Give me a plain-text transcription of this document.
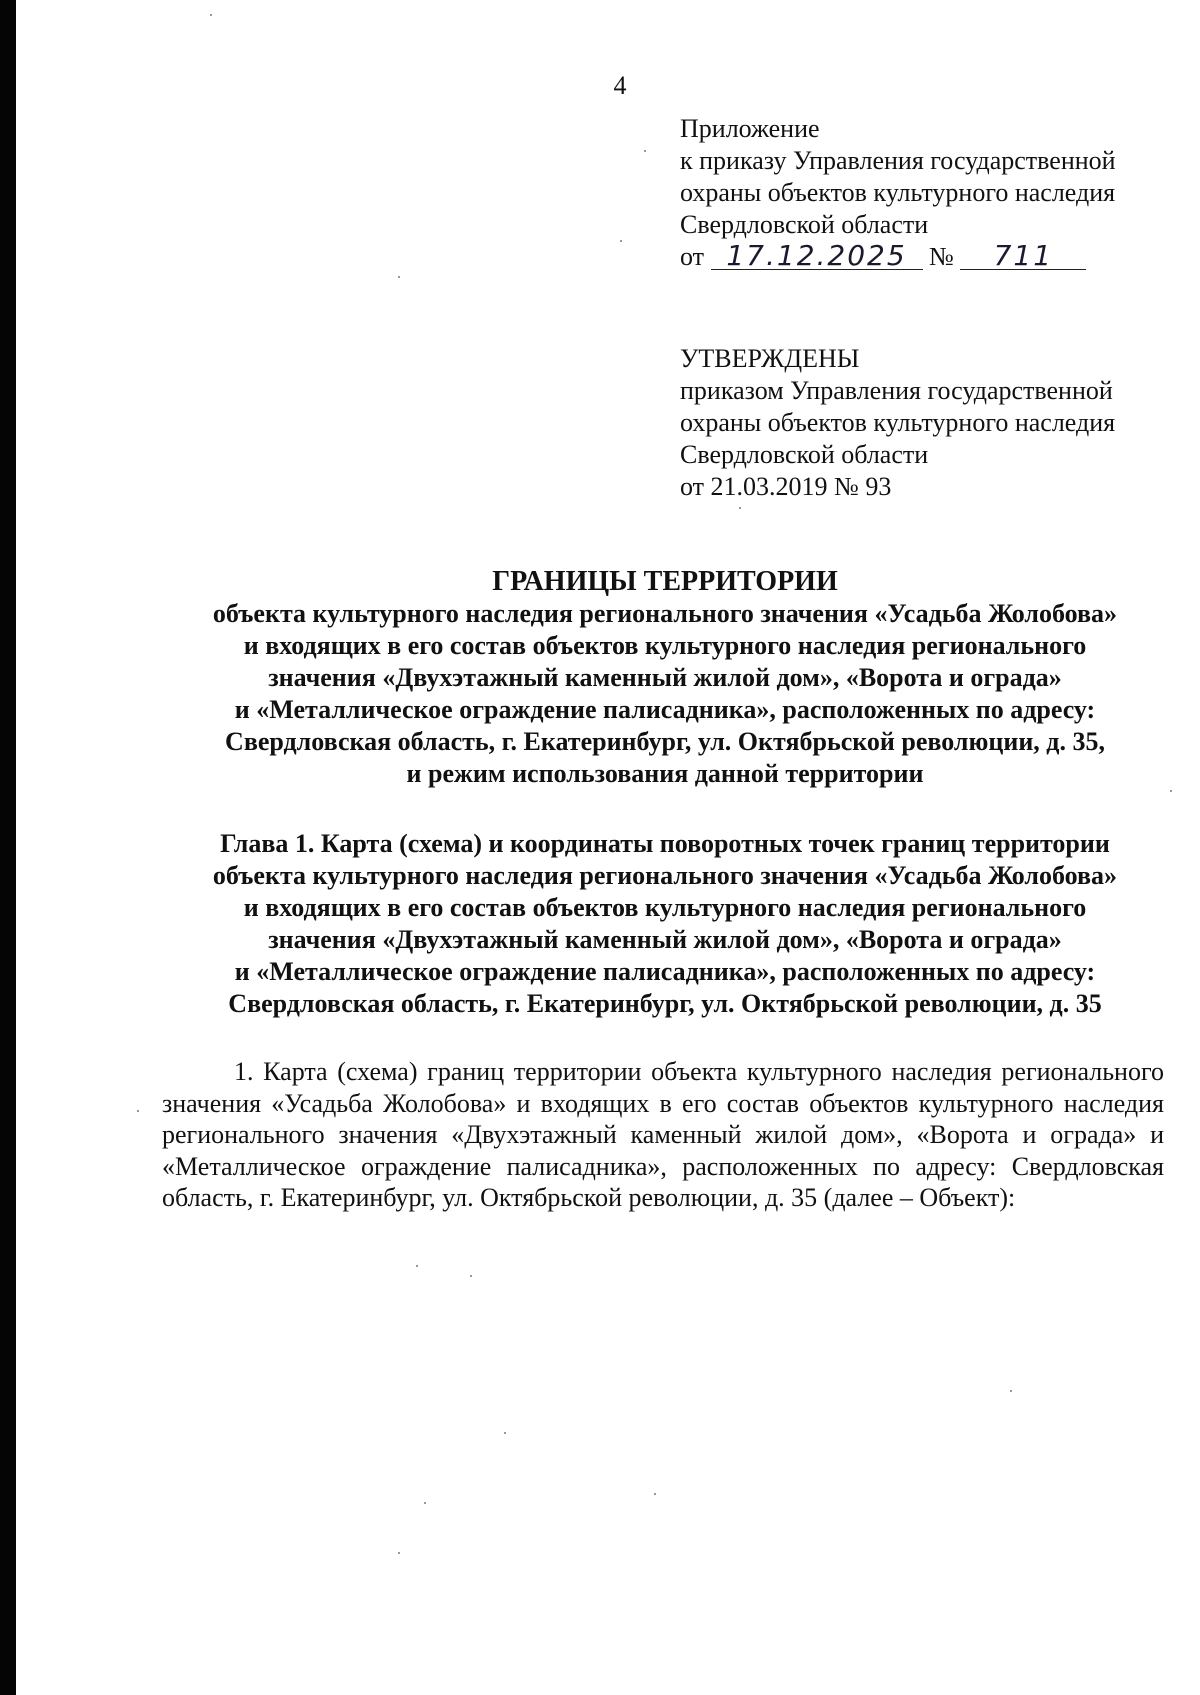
4
Приложение
к приказу Управления государственной
охраны объектов культурного наследия
Свердловской области
от 17.12.2025 № 711
УТВЕРЖДЕНЫ
приказом Управления государственной
охраны объектов культурного наследия
Свердловской области
от 21.03.2019 № 93
ГРАНИЦЫ ТЕРРИТОРИИ
объекта культурного наследия регионального значения «Усадьба Жолобова»
и входящих в его состав объектов культурного наследия регионального
значения «Двухэтажный каменный жилой дом», «Ворота и ограда»
и «Металлическое ограждение палисадника», расположенных по адресу:
Свердловская область, г. Екатеринбург, ул. Октябрьской революции, д. 35,
и режим использования данной территории
Глава 1. Карта (схема) и координаты поворотных точек границ территории
объекта культурного наследия регионального значения «Усадьба Жолобова»
и входящих в его состав объектов культурного наследия регионального
значения «Двухэтажный каменный жилой дом», «Ворота и ограда»
и «Металлическое ограждение палисадника», расположенных по адресу:
Свердловская область, г. Екатеринбург, ул. Октябрьской революции, д. 35
1. Карта (схема) границ территории объекта культурного наследия регионального значения «Усадьба Жолобова» и входящих в его состав объектов культурного наследия регионального значения «Двухэтажный каменный жилой дом», «Ворота и ограда» и «Металлическое ограждение палисадника», расположенных по адресу: Свердловская область, г. Екатеринбург, ул. Октябрьской революции, д. 35 (далее – Объект):
